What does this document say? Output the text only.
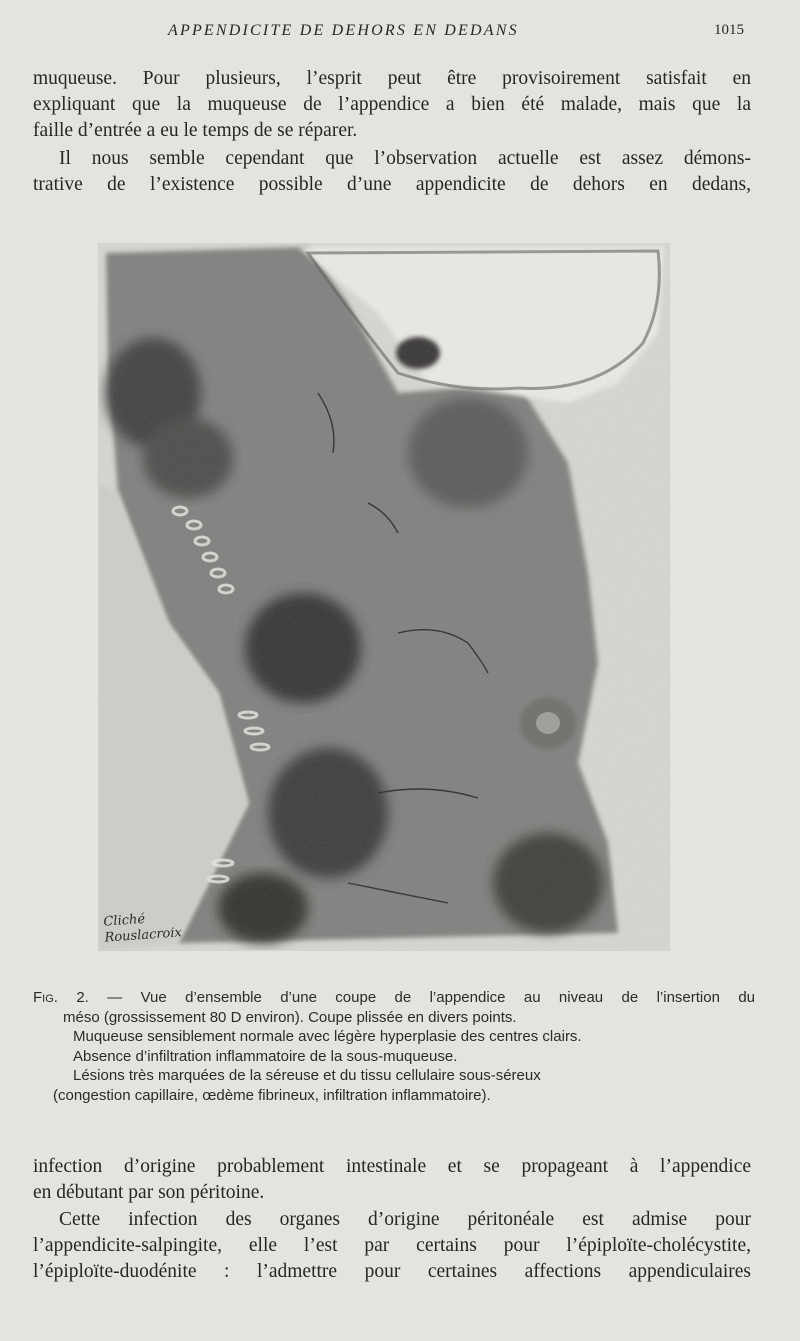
APPENDICITE DE DEHORS EN DEDANS	1015
muqueuse. Pour plusieurs, l’esprit peut être provisoirement satisfait en
expliquant que la muqueuse de l’appendice a bien été malade, mais que la
faille d’entrée a eu le temps de se réparer.
Il nous semble cependant que l’observation actuelle est assez démons-
trative de l’existence possible d’une appendicite de dehors en dedans,
Cliché
Rouslacroix
Fig. 2. — Vue d’ensemble d’une coupe de l’appendice au niveau de l’insertion du
méso (grossissement 80 D environ). Coupe plissée en divers points.
Muqueuse sensiblement normale avec légère hyperplasie des centres clairs.
Absence d’infiltration inflammatoire de la sous-muqueuse.
Lésions très marquées de la séreuse et du tissu cellulaire sous-séreux
(congestion capillaire, œdème fibrineux, infiltration inflammatoire).
infection d’origine probablement intestinale et se propageant à l’appendice
en débutant par son péritoine.
Cette infection des organes d’origine péritonéale est admise pour
l’appendicite-salpingite, elle l’est par certains pour l’épiploïte-cholécystite,
l’épiploïte-duodénite : l’admettre pour certaines affections appendiculaires
